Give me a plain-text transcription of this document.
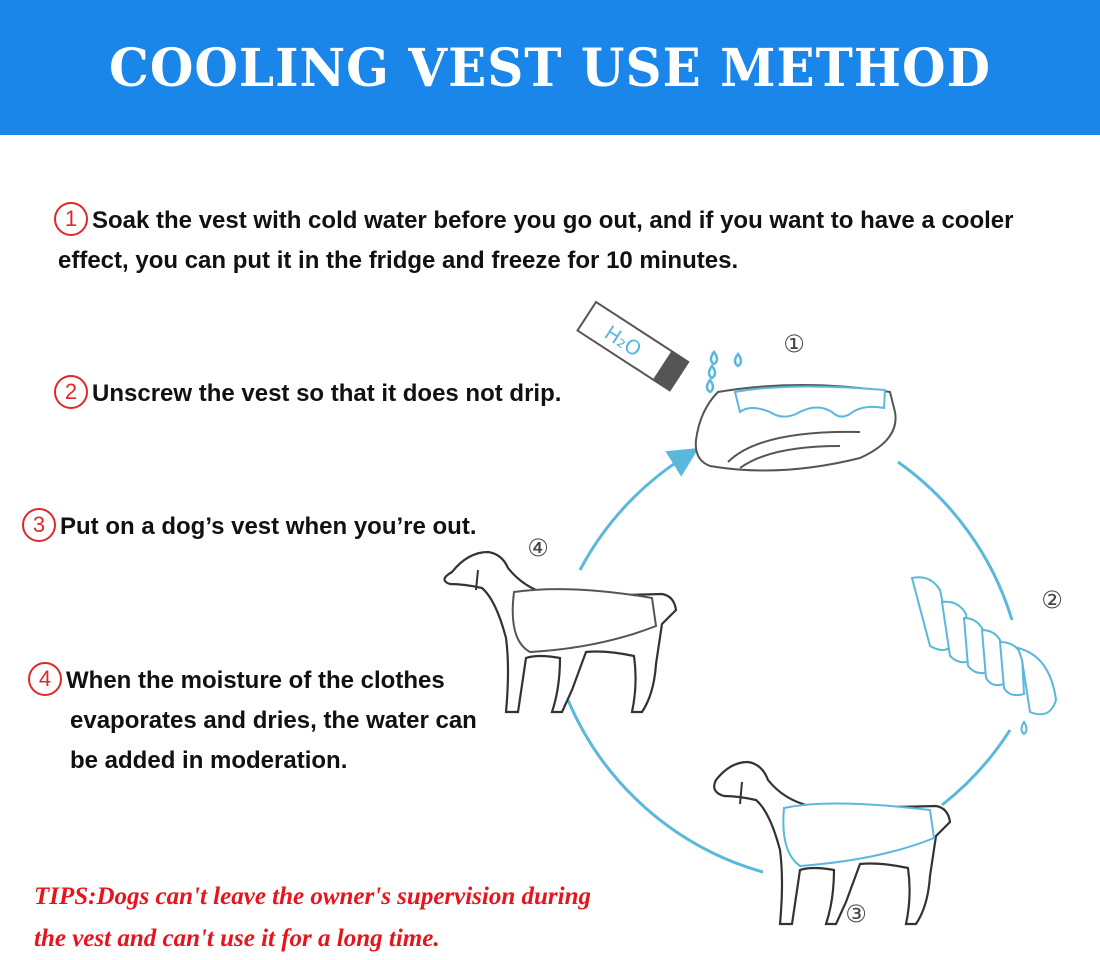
COOLING VEST USE METHOD
1 Soak the vest with cold water before you go out, and if you want to have a cooler
effect, you can put it in the fridge and freeze for 10 minutes.
2 Unscrew the vest so that it does not drip.
3 Put on a dog’s vest when you’re out.
4 When the moisture of the clothes
evaporates and dries, the water can
be added in moderation.
H₂O	①
②
③
④
TIPS:Dogs can't leave the owner's supervision during
the vest and can't use it for a long time.
